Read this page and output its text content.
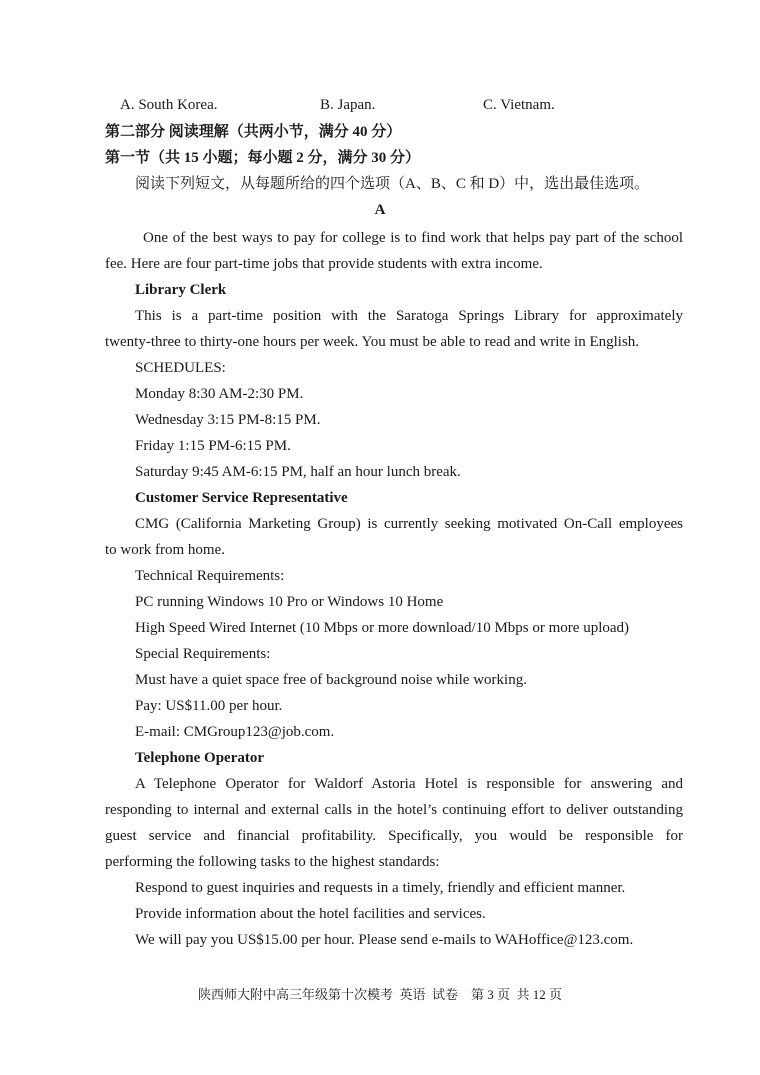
A. South Korea.	B. Japan.	C. Vietnam.
第二部分 阅读理解（共两小节，满分 40 分）
第一节（共 15 小题；每小题 2 分，满分 30 分）
阅读下列短文，从每题所给的四个选项（A、B、C 和 D）中，选出最佳选项。
A
One of the best ways to pay for college is to find work that helps pay part of the school
fee. Here are four part-time jobs that provide students with extra income.
Library Clerk
This is a part-time position with the Saratoga Springs Library for approximately
twenty-three to thirty-one hours per week. You must be able to read and write in English.
SCHEDULES:
Monday 8:30 AM-2:30 PM.
Wednesday 3:15 PM-8:15 PM.
Friday 1:15 PM-6:15 PM.
Saturday 9:45 AM-6:15 PM, half an hour lunch break.
Customer Service Representative
CMG (California Marketing Group) is currently seeking motivated On-Call employees
to work from home.
Technical Requirements:
PC running Windows 10 Pro or Windows 10 Home
High Speed Wired Internet (10 Mbps or more download/10 Mbps or more upload)
Special Requirements:
Must have a quiet space free of background noise while working.
Pay: US$11.00 per hour.
E-mail: CMGroup123@job.com.
Telephone Operator
A Telephone Operator for Waldorf Astoria Hotel is responsible for answering and
responding to internal and external calls in the hotel’s continuing effort to deliver outstanding
guest service and financial profitability. Specifically, you would be responsible for
performing the following tasks to the highest standards:
Respond to guest inquiries and requests in a timely, friendly and efficient manner.
Provide information about the hotel facilities and services.
We will pay you US$15.00 per hour. Please send e-mails to WAHoffice@123.com.
陕西师大附中高三年级第十次模考  英语  试卷    第 3 页  共 12 页
